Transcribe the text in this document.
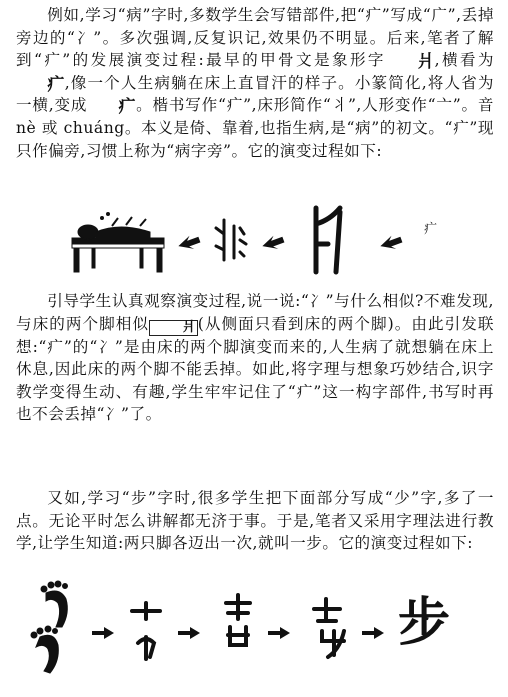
例如,学习“病”字时,多数学生会写错部件,把“疒”写成“广”,丢掉旁边的“冫”。多次强调,反复识记,效果仍不明显。后来,笔者了解到“疒”的发展演变过程:最早的甲骨文是象形字 爿,横看为疒,像一个人生病躺在床上直冒汗的样子。小篆简化,将人省为一横,变成 疒。楷书写作“疒”,床形简作“丬”,人形变作“亠”。音 nè 或 chuáng。本义是倚、靠着,也指生病,是“病”的初文。“疒”现只作偏旁,习惯上称为“病字旁”。它的演变过程如下:

疒

引导学生认真观察演变过程,说一说:“冫”与什么相似?不难发现,与床的两个脚相似	爿 (从侧面只看到床的两个脚)。由此引发联想:“疒”的“冫”是由床的两个脚演变而来的,人生病了就想躺在床上休息,因此床的两个脚不能丢掉。如此,将字理与想象巧妙结合,识字教学变得生动、有趣,学生牢牢记住了“疒”这一构字部件,书写时再也不会丢掉“冫”了。

又如,学习“步”字时,很多学生把下面部分写成“少”字,多了一点。无论平时怎么讲解都无济于事。于是,笔者又采用字理法进行教学,让学生知道:两只脚各迈出一次,就叫一步。它的演变过程如下:

步
